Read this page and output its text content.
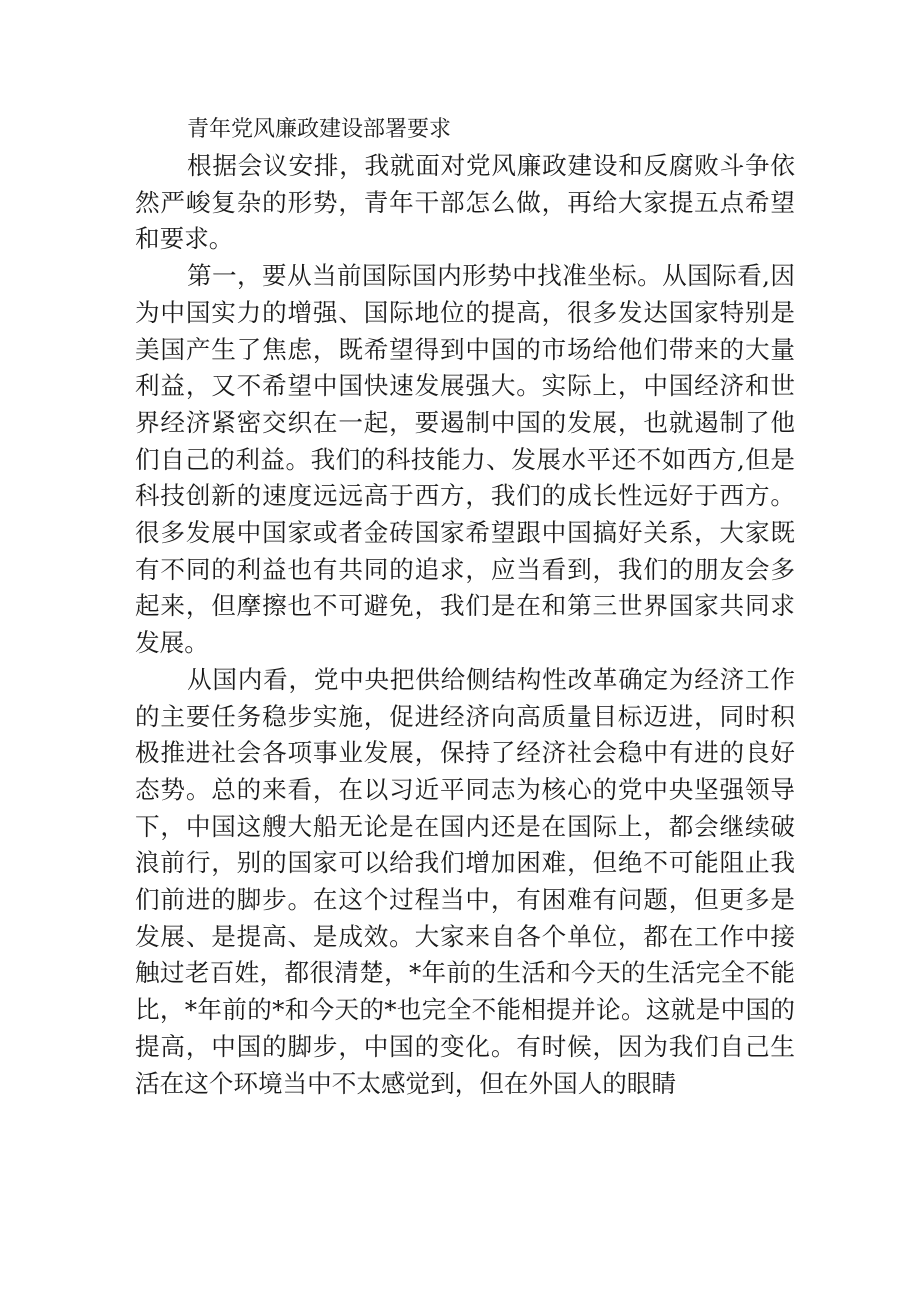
青年党风廉政建设部署要求

根据会议安排，我就面对党风廉政建设和反腐败斗争依然严峻复杂的形势，青年干部怎么做，再给大家提五点希望和要求。

第一，要从当前国际国内形势中找准坐标。从国际看,因为中国实力的增强、国际地位的提高，很多发达国家特别是美国产生了焦虑，既希望得到中国的市场给他们带来的大量利益，又不希望中国快速发展强大。实际上，中国经济和世界经济紧密交织在一起，要遏制中国的发展，也就遏制了他们自己的利益。我们的科技能力、发展水平还不如西方,但是科技创新的速度远远高于西方，我们的成长性远好于西方。很多发展中国家或者金砖国家希望跟中国搞好关系，大家既有不同的利益也有共同的追求，应当看到，我们的朋友会多起来，但摩擦也不可避免，我们是在和第三世界国家共同求发展。

从国内看，党中央把供给侧结构性改革确定为经济工作的主要任务稳步实施，促进经济向高质量目标迈进，同时积极推进社会各项事业发展，保持了经济社会稳中有进的良好态势。总的来看，在以习近平同志为核心的党中央坚强领导下，中国这艘大船无论是在国内还是在国际上，都会继续破浪前行，别的国家可以给我们增加困难，但绝不可能阻止我们前进的脚步。在这个过程当中，有困难有问题，但更多是发展、是提高、是成效。大家来自各个单位，都在工作中接触过老百姓，都很清楚，*年前的生活和今天的生活完全不能比，*年前的*和今天的*也完全不能相提并论。这就是中国的提高，中国的脚步，中国的变化。有时候，因为我们自己生活在这个环境当中不太感觉到，但在外国人的眼睛
